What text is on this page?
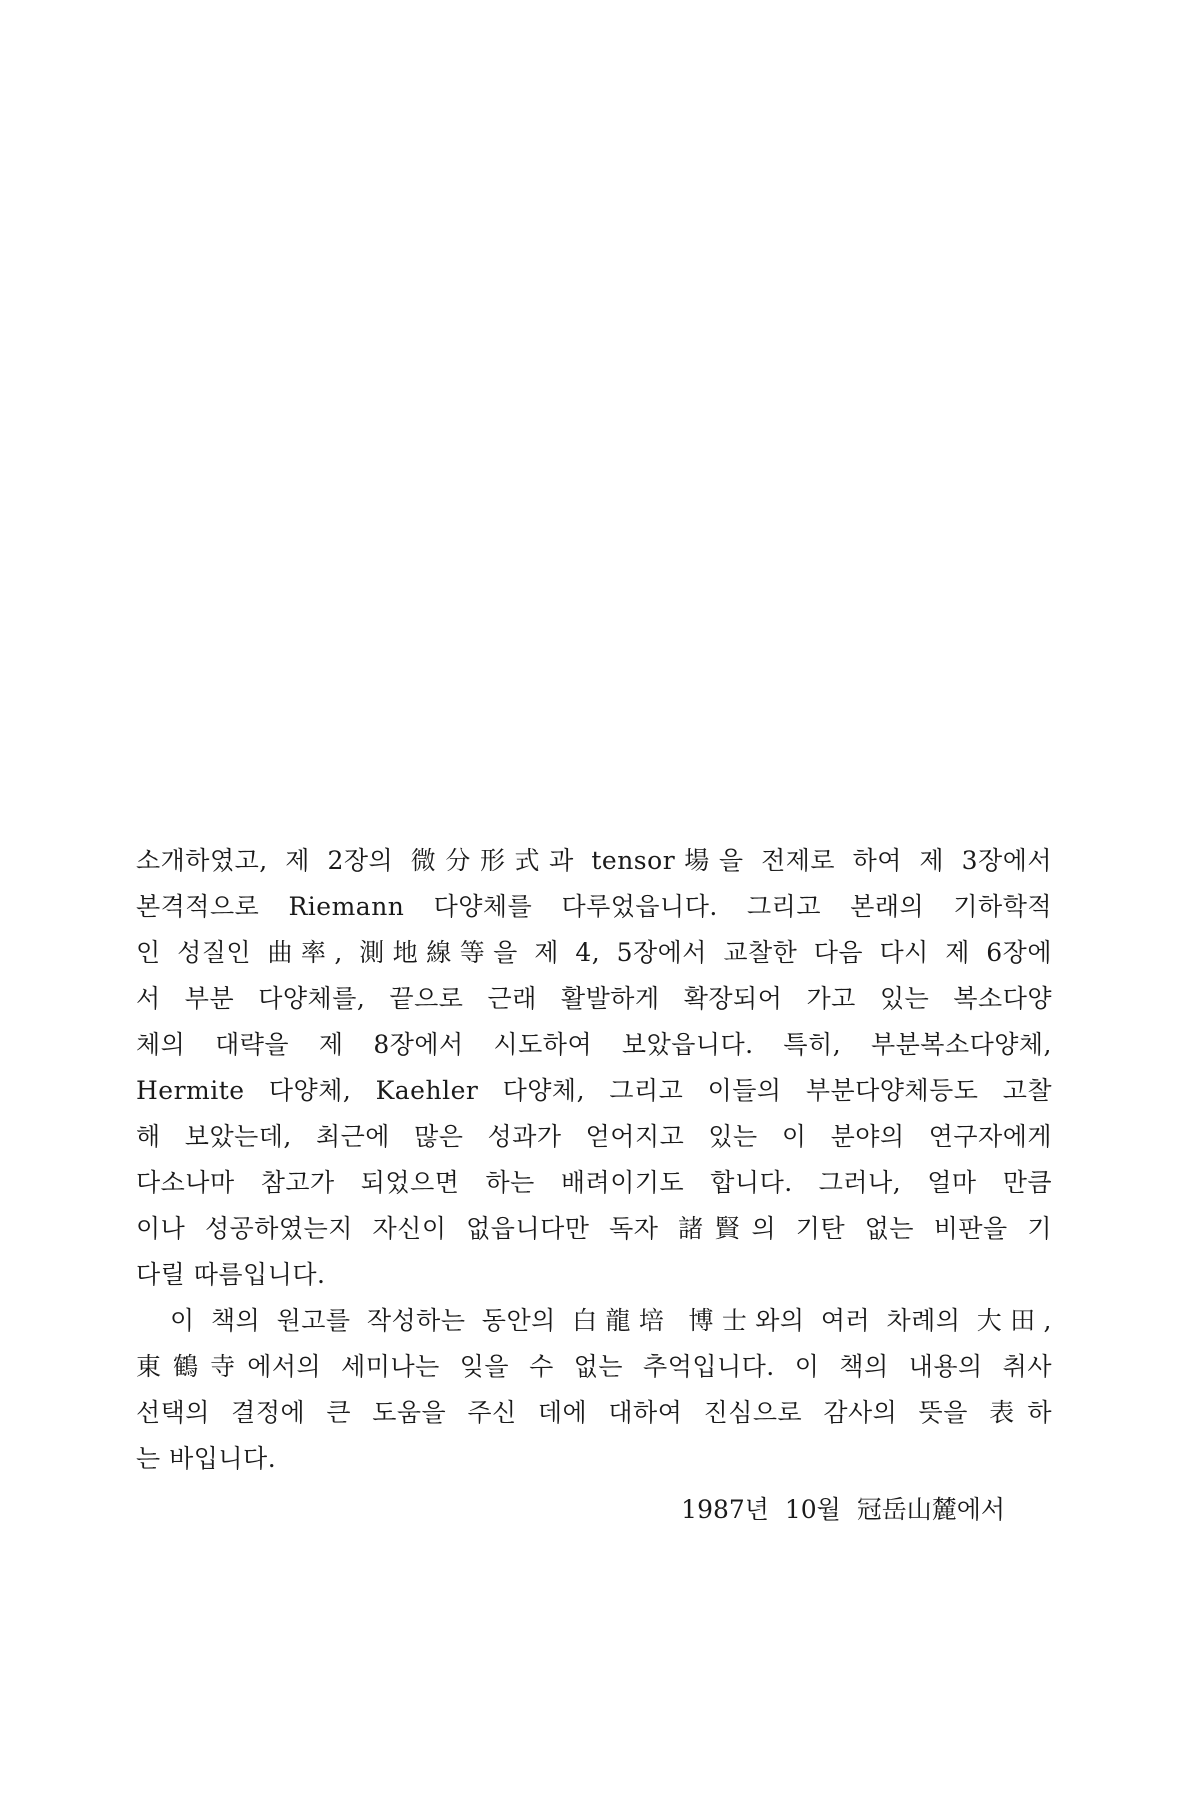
소개하였고, 제 2장의 微分形式과 tensor場을 전제로 하여 제 3장에서
본격적으로 Riemann 다양체를 다루었읍니다. 그리고 본래의 기하학적
인 성질인 曲率, 測地線等을 제 4, 5장에서 교찰한 다음 다시 제 6장에
서 부분 다양체를, 끝으로 근래 활발하게 확장되어 가고 있는 복소다양
체의 대략을 제 8장에서 시도하여 보았읍니다. 특히, 부분복소다양체,
Hermite 다양체, Kaehler 다양체, 그리고 이들의 부분다양체등도 고찰
해 보았는데, 최근에 많은 성과가 얻어지고 있는 이 분야의 연구자에게
다소나마 참고가 되었으면 하는 배려이기도 합니다. 그러나, 얼마 만큼
이나 성공하였는지 자신이 없읍니다만 독자 諸賢의 기탄 없는 비판을 기
다릴 따름입니다.
이 책의 원고를 작성하는 동안의 白龍培 博士와의 여러 차례의 大田,
東鶴寺에서의 세미나는 잊을 수 없는 추억입니다. 이 책의 내용의 취사
선택의 결정에 큰 도움을 주신 데에 대하여 진심으로 감사의 뜻을 表하
는 바입니다.
1987년  10월  冠岳山麓에서
